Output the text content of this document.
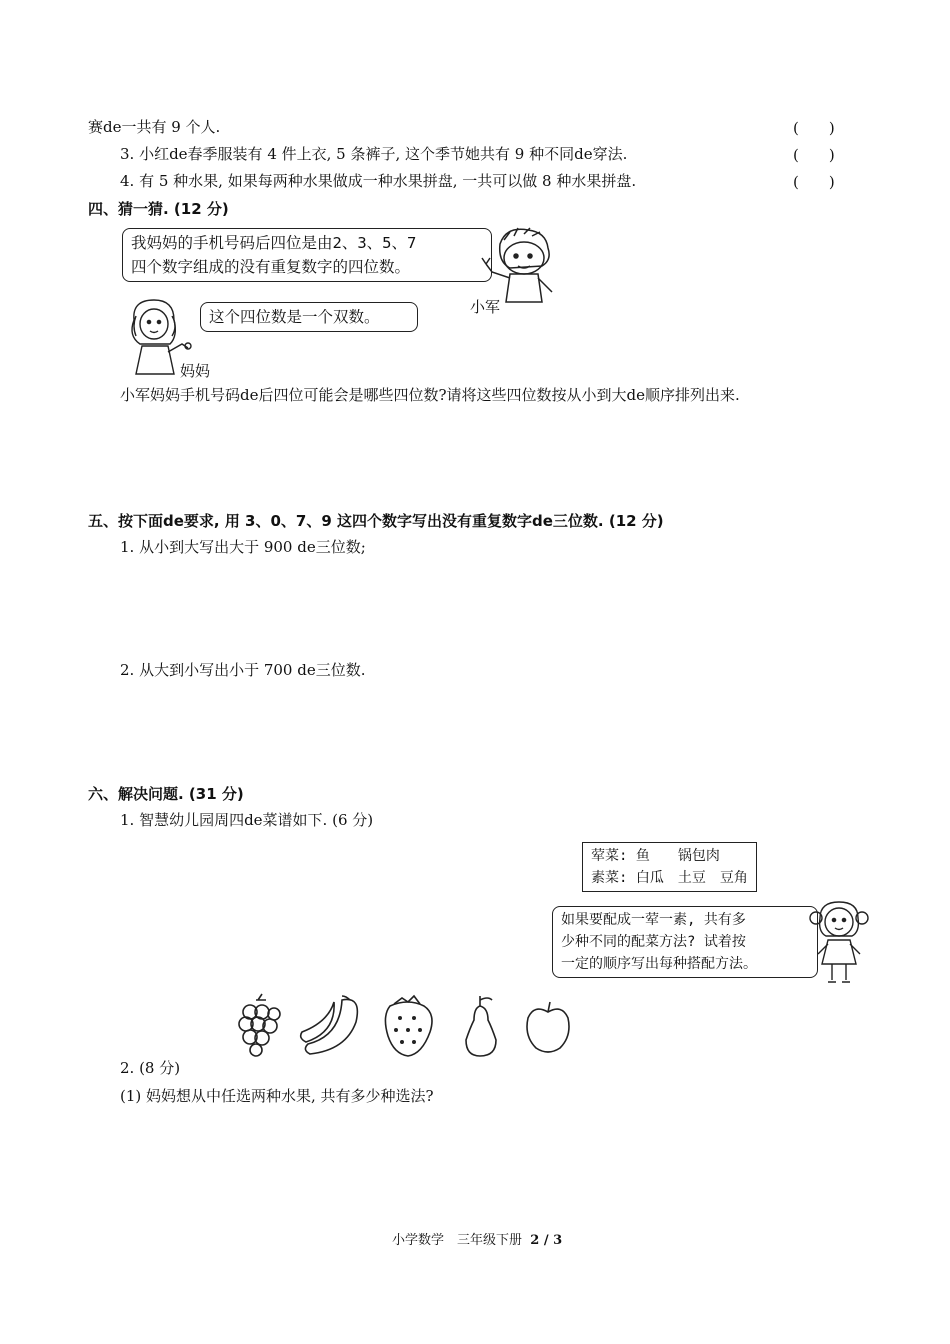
赛de一共有 9 个人.	(　　)
3. 小红de春季服装有 4 件上衣, 5 条裤子, 这个季节她共有 9 种不同de穿法.	(　　)
4. 有 5 种水果, 如果每两种水果做成一种水果拼盘, 一共可以做 8 种水果拼盘.	(　　)
四、猜一猜. (12 分)
我妈妈的手机号码后四位是由2、3、5、7
四个数字组成的没有重复数字的四位数。
小军
这个四位数是一个双数。
妈妈
小军妈妈手机号码de后四位可能会是哪些四位数?请将这些四位数按从小到大de顺序排列出来.
五、按下面de要求, 用 3、0、7、9 这四个数字写出没有重复数字de三位数. (12 分)
1. 从小到大写出大于 900 de三位数;
2. 从大到小写出小于 700 de三位数.
六、解决问题. (31 分)
1. 智慧幼儿园周四de菜谱如下. (6 分)
荤菜: 鱼　　锅包肉
素菜: 白瓜　土豆　豆角
如果要配成一荤一素, 共有多
少种不同的配菜方法? 试着按
一定的顺序写出每种搭配方法。
2. (8 分)
(1) 妈妈想从中任选两种水果, 共有多少种选法?
小学数学　三年级下册 2 / 3
